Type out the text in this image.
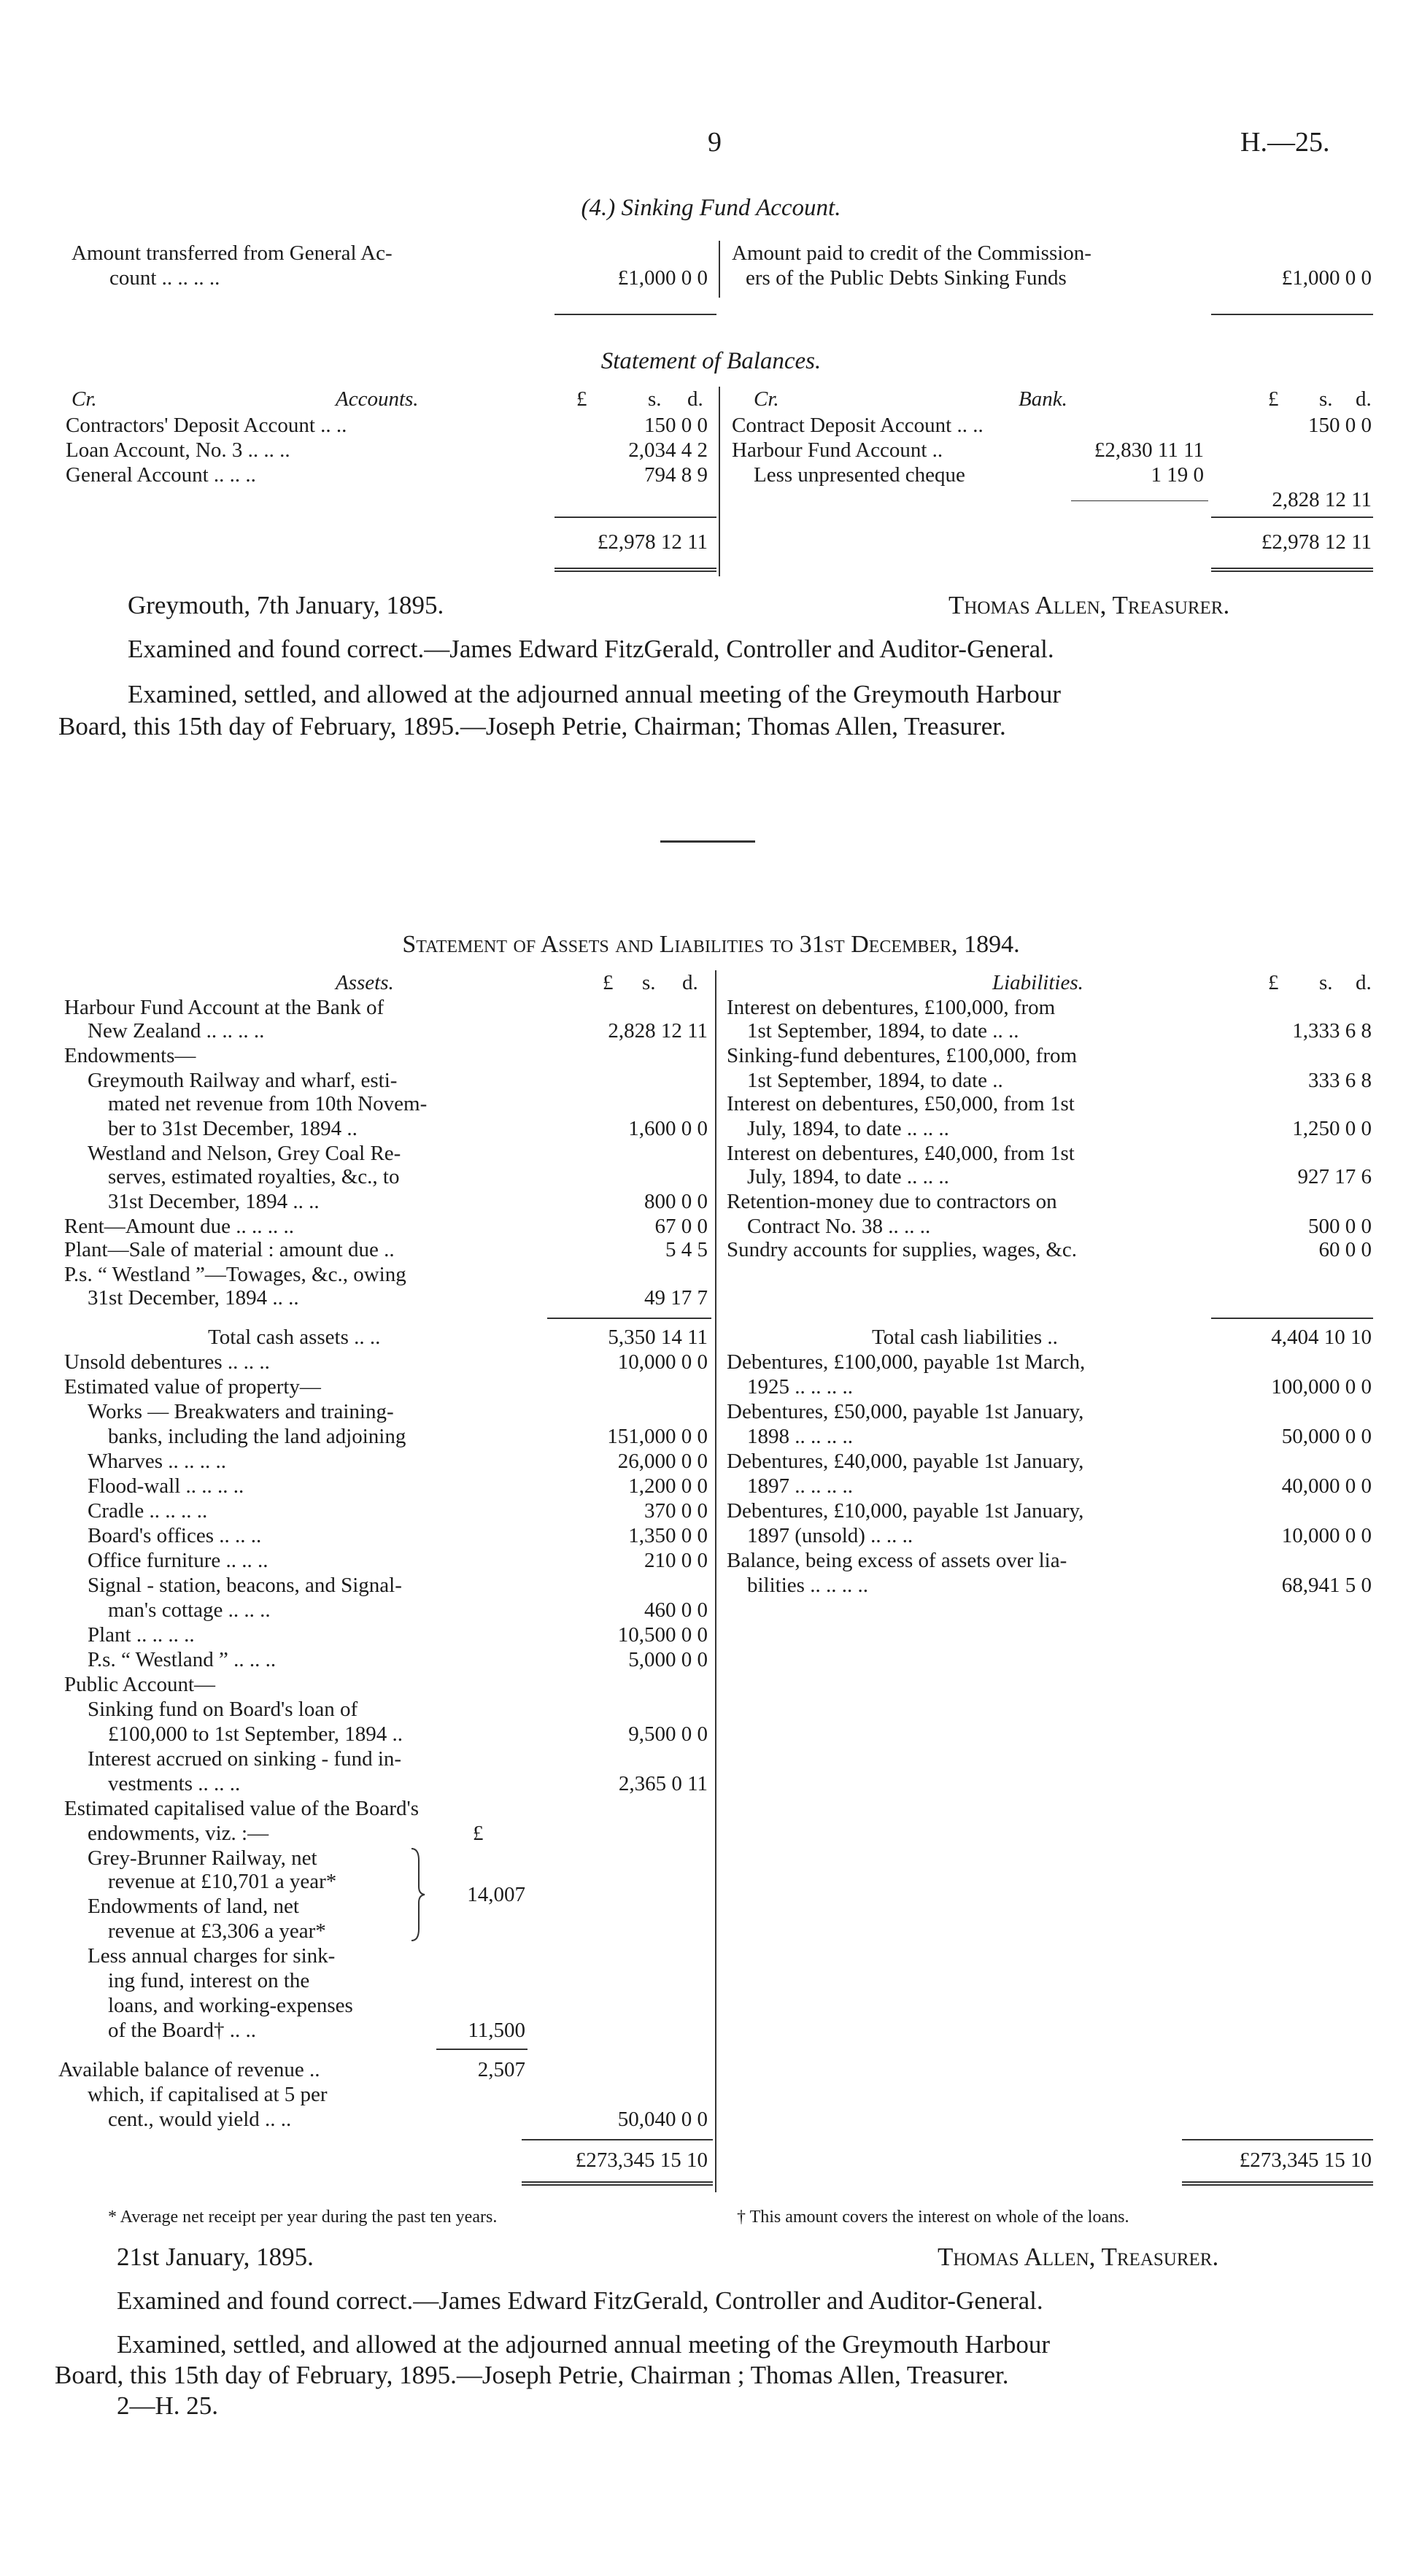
9	H.—25.
(4.) Sinking Fund Account.
Amount transferred from General Ac-
count .. .. .. ..	£1,000 0 0
Amount paid to credit of the Commission-
ers of the Public Debts Sinking Funds	£1,000 0 0
Statement of Balances.
Cr.	Accounts.	£	s. d.
Contractors' Deposit Account .. ..	150 0 0
Loan Account, No. 3 .. .. ..	2,034 4 2
General Account .. .. ..	794 8 9
£2,978 12 11
Cr.	Bank.	£ s. d.
Contract Deposit Account .. ..	150 0 0
Harbour Fund Account ..	£2,830 11 11
Less unpresented cheque	1 19 0
2,828 12 11
£2,978 12 11
Greymouth, 7th January, 1895.	Thomas Allen, Treasurer.
Examined and found correct.—James Edward FitzGerald, Controller and Auditor-General.
Examined, settled, and allowed at the adjourned annual meeting of the Greymouth Harbour
Board, this 15th day of February, 1895.—Joseph Petrie, Chairman; Thomas Allen, Treasurer.
Statement of Assets and Liabilities to 31st December, 1894.
Assets.	£ s. d.	Liabilities.	£ s. d.
Harbour Fund Account at the Bank of
New Zealand .. .. .. ..	2,828 12 11
Endowments—
Greymouth Railway and wharf, esti-
mated net revenue from 10th Novem-
ber to 31st December, 1894 ..	1,600 0 0
Westland and Nelson, Grey Coal Re-
serves, estimated royalties, &c., to
31st December, 1894 .. ..	800 0 0
Rent—Amount due .. .. .. ..	67 0 0
Plant—Sale of material : amount due ..	5 4 5
P.s. “ Westland ”—Towages, &c., owing
31st December, 1894 .. ..	49 17 7
Total cash assets .. ..	5,350 14 11
Unsold debentures .. .. ..	10,000 0 0
Estimated value of property—
Works — Breakwaters and training-
banks, including the land adjoining	151,000 0 0
Wharves .. .. .. ..	26,000 0 0
Flood-wall .. .. .. ..	1,200 0 0
Cradle .. .. .. ..	370 0 0
Board's offices .. .. ..	1,350 0 0
Office furniture .. .. ..	210 0 0
Signal - station, beacons, and Signal-
man's cottage .. .. ..	460 0 0
Plant .. .. .. ..	10,500 0 0
P.s. “ Westland ” .. .. ..	5,000 0 0
Public Account—
Sinking fund on Board's loan of
£100,000 to 1st September, 1894 ..	9,500 0 0
Interest accrued on sinking - fund in-
vestments .. .. ..	2,365 0 11
Estimated capitalised value of the Board's
endowments, viz. :—	£
Grey-Brunner Railway, net
revenue at £10,701 a year*
Endowments of land, net
revenue at £3,306 a year*
14,007
Less annual charges for sink-
ing fund, interest on the
loans, and working-expenses
of the Board† .. ..	11,500
Available balance of revenue ..	2,507
which, if capitalised at 5 per
cent., would yield .. ..	50,040 0 0
£273,345 15 10
Interest on debentures, £100,000, from
1st September, 1894, to date .. ..	1,333 6 8
Sinking-fund debentures, £100,000, from
1st September, 1894, to date ..	333 6 8
Interest on debentures, £50,000, from 1st
July, 1894, to date .. .. ..	1,250 0 0
Interest on debentures, £40,000, from 1st
July, 1894, to date .. .. ..	927 17 6
Retention-money due to contractors on
Contract No. 38 .. .. ..	500 0 0
Sundry accounts for supplies, wages, &c.	60 0 0
Total cash liabilities ..	4,404 10 10
Debentures, £100,000, payable 1st March,
1925 .. .. .. ..	100,000 0 0
Debentures, £50,000, payable 1st January,
1898 .. .. .. ..	50,000 0 0
Debentures, £40,000, payable 1st January,
1897 .. .. .. ..	40,000 0 0
Debentures, £10,000, payable 1st January,
1897 (unsold) .. .. ..	10,000 0 0
Balance, being excess of assets over lia-
bilities .. .. .. ..	68,941 5 0
£273,345 15 10
* Average net receipt per year during the past ten years.	† This amount covers the interest on whole of the loans.
21st January, 1895.	Thomas Allen, Treasurer.
Examined and found correct.—James Edward FitzGerald, Controller and Auditor-General.
Examined, settled, and allowed at the adjourned annual meeting of the Greymouth Harbour
Board, this 15th day of February, 1895.—Joseph Petrie, Chairman ; Thomas Allen, Treasurer.
2—H. 25.
